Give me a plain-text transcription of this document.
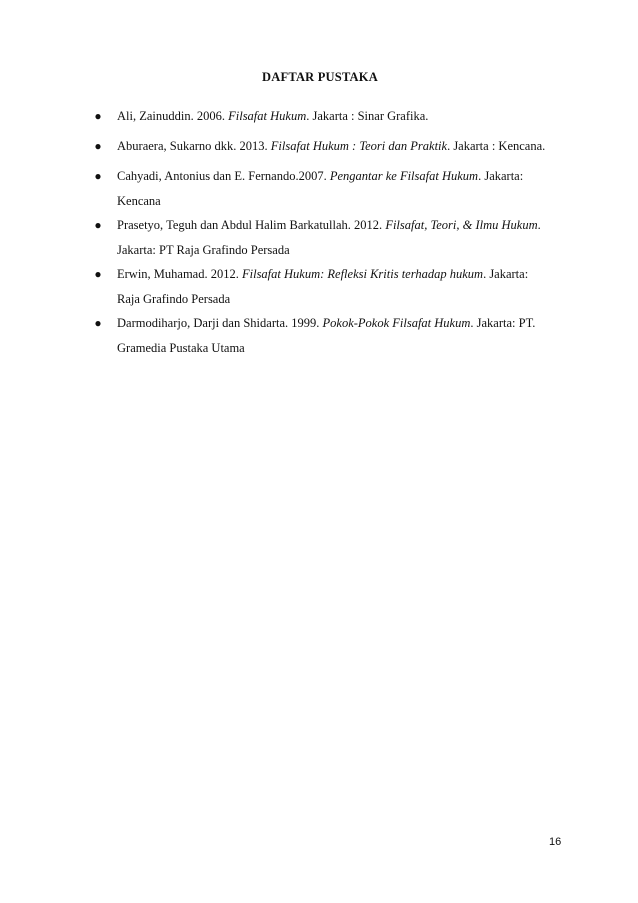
DAFTAR PUSTAKA
● Ali, Zainuddin. 2006. Filsafat Hukum. Jakarta : Sinar Grafika.
● Aburaera, Sukarno dkk. 2013. Filsafat Hukum : Teori dan Praktik. Jakarta : Kencana.
● Cahyadi, Antonius dan E. Fernando.2007. Pengantar ke Filsafat Hukum. Jakarta:
Kencana
● Prasetyo, Teguh dan Abdul Halim Barkatullah. 2012. Filsafat, Teori, & Ilmu Hukum.
Jakarta: PT Raja Grafindo Persada
● Erwin, Muhamad. 2012. Filsafat Hukum: Refleksi Kritis terhadap hukum. Jakarta:
Raja Grafindo Persada
● Darmodiharjo, Darji dan Shidarta. 1999. Pokok-Pokok Filsafat Hukum. Jakarta: PT.
Gramedia Pustaka Utama
16
